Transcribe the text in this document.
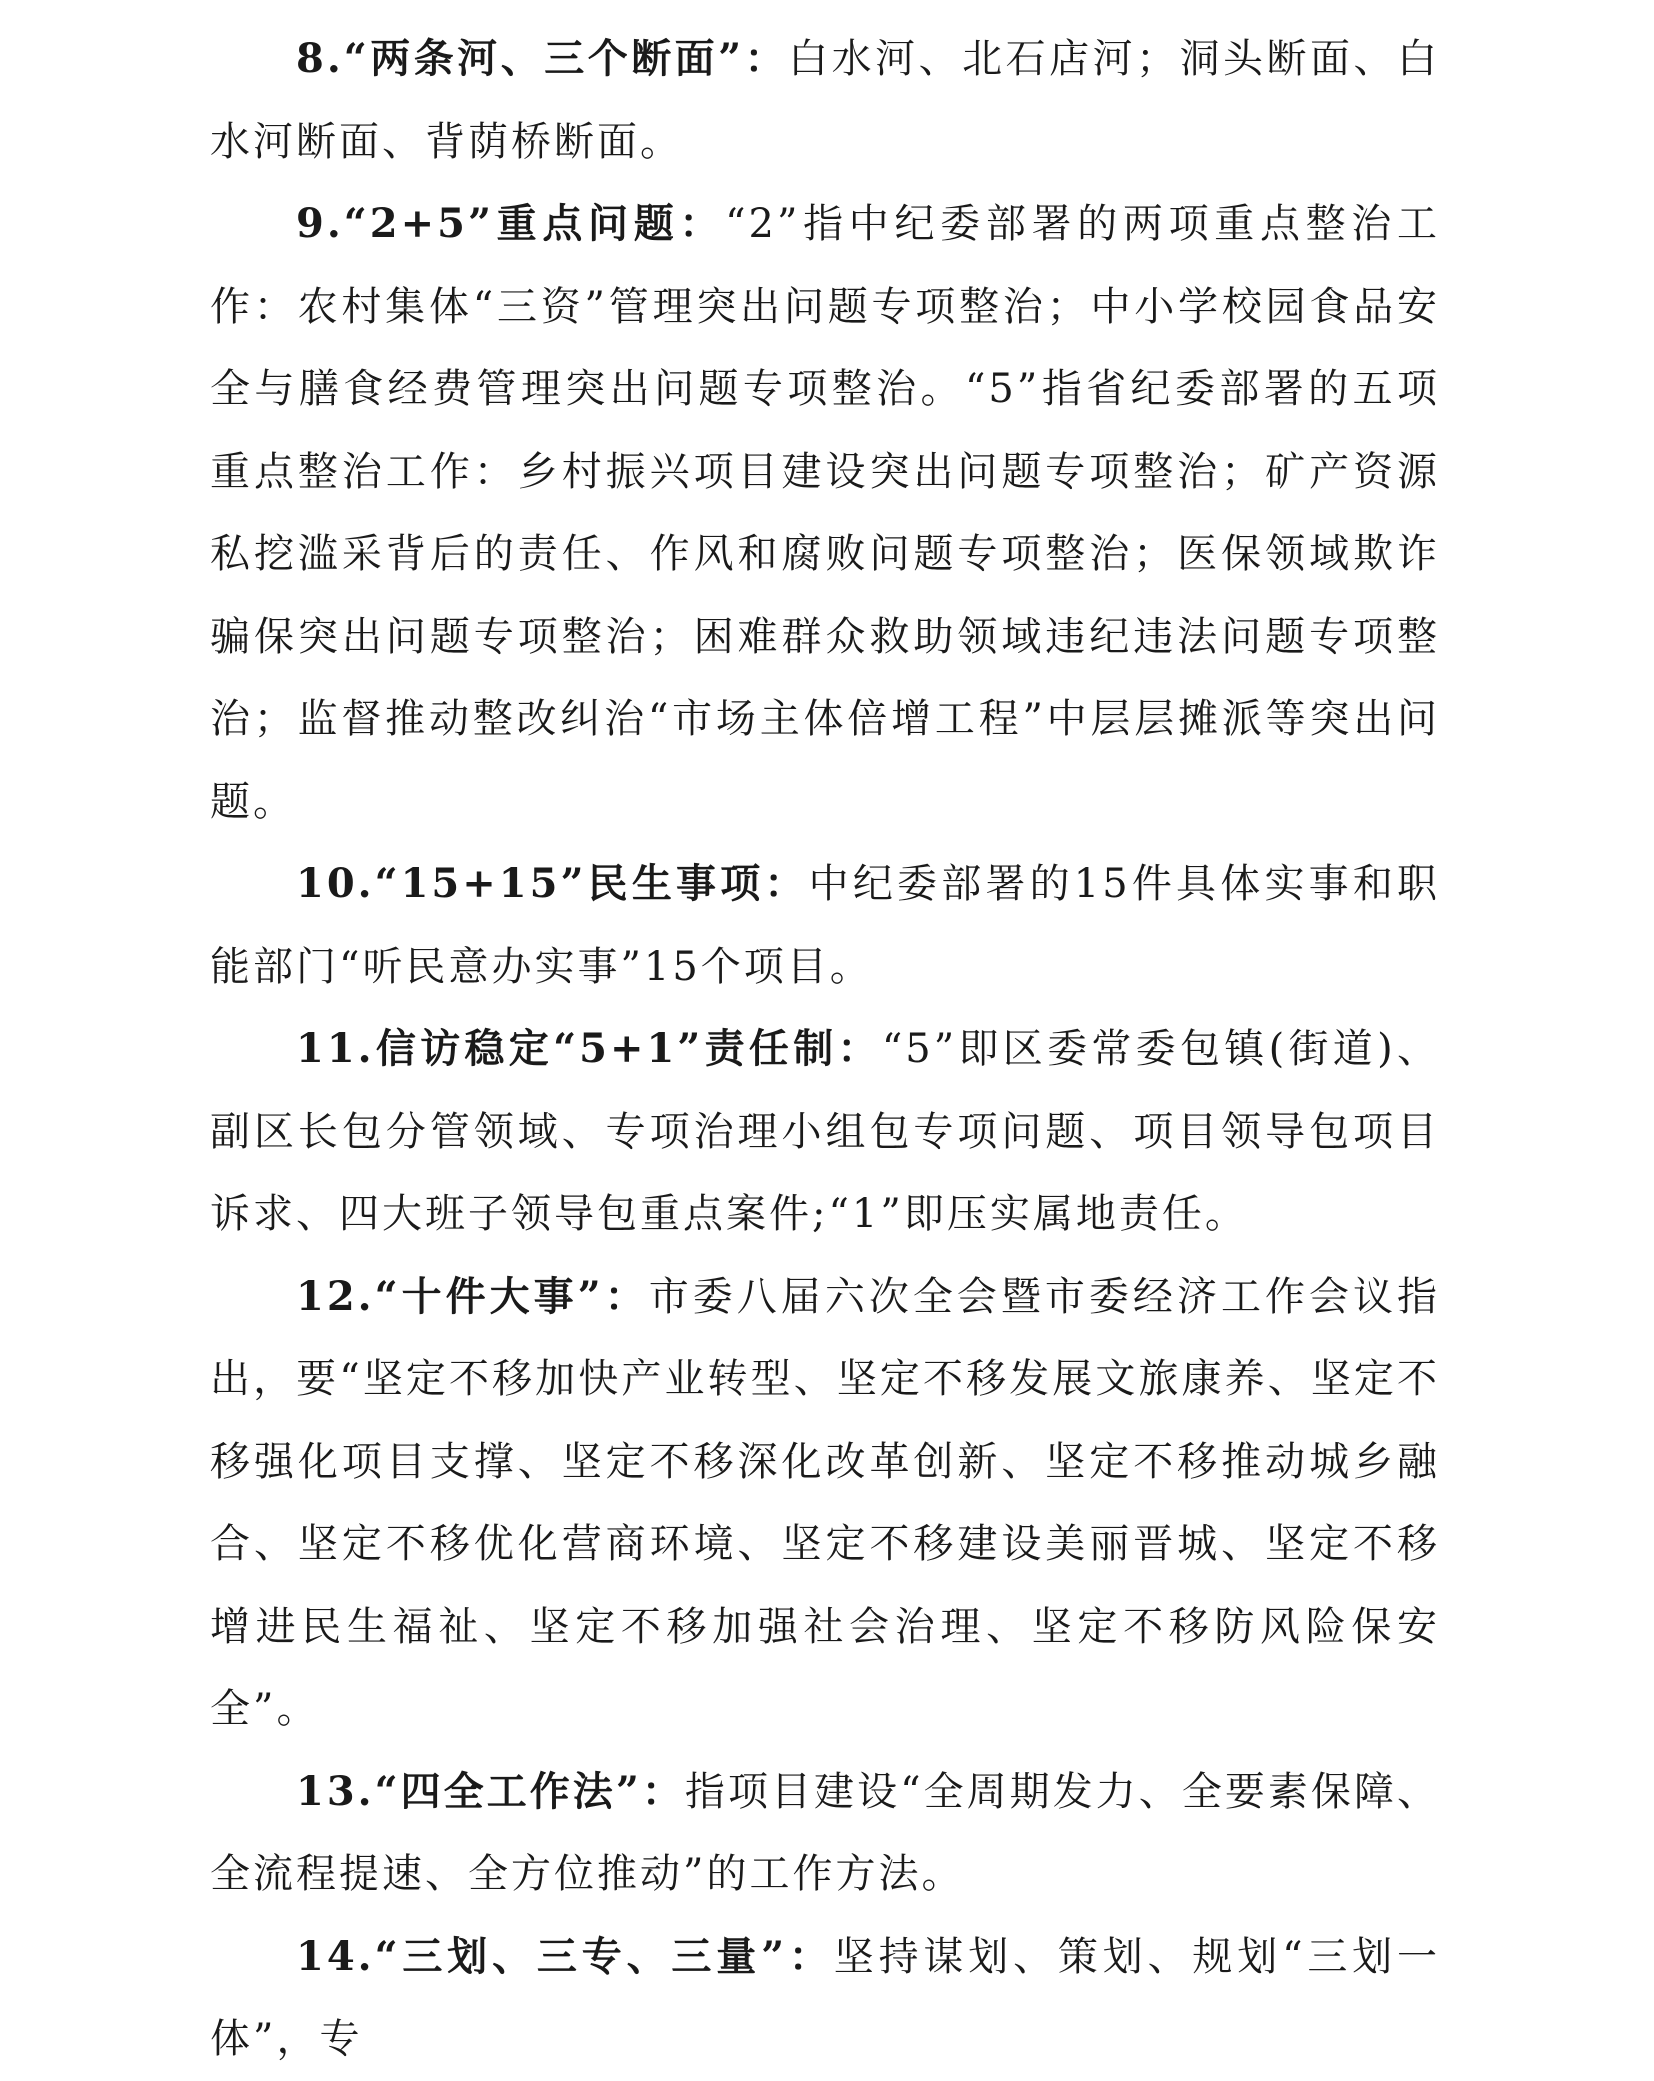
8.“两条河、三个断面”：白水河、北石店河；洞头断面、白水河断面、背荫桥断面。

9.“2+5”重点问题：“2”指中纪委部署的两项重点整治工作：农村集体“三资”管理突出问题专项整治；中小学校园食品安全与膳食经费管理突出问题专项整治。“5”指省纪委部署的五项重点整治工作：乡村振兴项目建设突出问题专项整治；矿产资源私挖滥采背后的责任、作风和腐败问题专项整治；医保领域欺诈骗保突出问题专项整治；困难群众救助领域违纪违法问题专项整治；监督推动整改纠治“市场主体倍增工程”中层层摊派等突出问题。

10.“15+15”民生事项：中纪委部署的15件具体实事和职能部门“听民意办实事”15个项目。

11.信访稳定“5+1”责任制：“5”即区委常委包镇(街道)、副区长包分管领域、专项治理小组包专项问题、项目领导包项目诉求、四大班子领导包重点案件;“1”即压实属地责任。

12.“十件大事”：市委八届六次全会暨市委经济工作会议指出，要“坚定不移加快产业转型、坚定不移发展文旅康养、坚定不移强化项目支撑、坚定不移深化改革创新、坚定不移推动城乡融合、坚定不移优化营商环境、坚定不移建设美丽晋城、坚定不移增进民生福祉、坚定不移加强社会治理、坚定不移防风险保安全”。

13.“四全工作法”：指项目建设“全周期发力、全要素保障、全流程提速、全方位推动”的工作方法。

14.“三划、三专、三量”：坚持谋划、策划、规划“三划一体”，专
